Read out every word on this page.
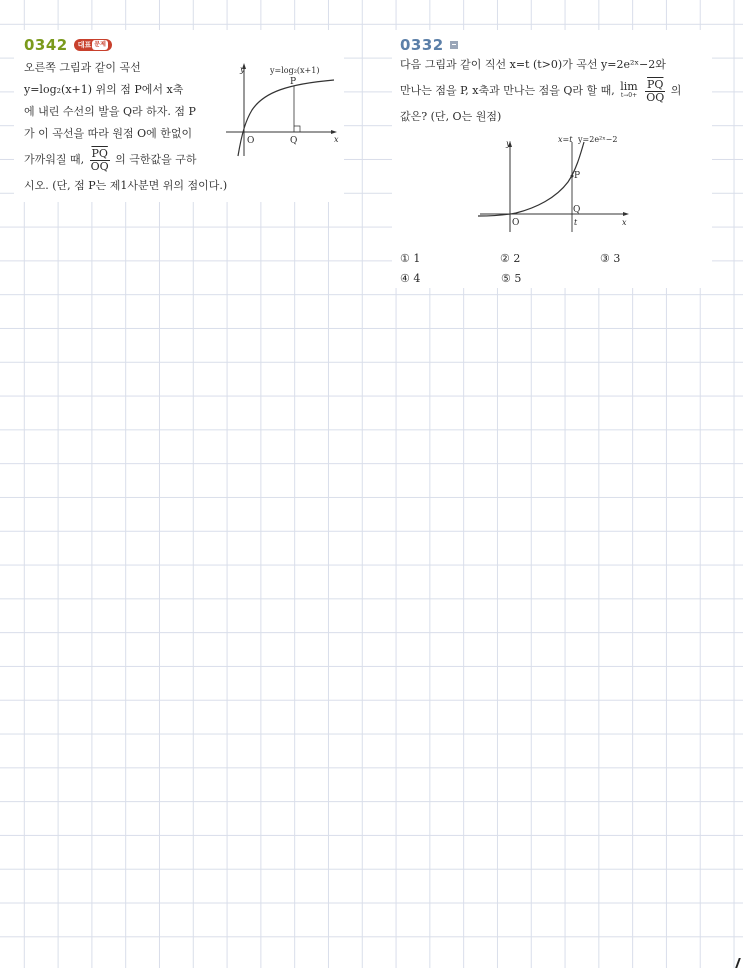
0342 대표 문제
오른쪽 그림과 같이 곡선
y=log₂(x+1) 위의 점 P에서 x축
에 내린 수선의 발을 Q라 하자. 점 P
가 이 곡선을 따라 원점 O에 한없이
가까워질 때, $\frac{\overline{PQ}}{OQ}$ 의 극한값을 구하
시오. (단, 점 P는 제1사분면 위의 점이다.)
y
x
O	Q
P
y=log₂(x+1)
0332
다음 그림과 같이 직선 x=t (t>0)가 곡선 y=2e²ˣ−2와
만나는 점을 P, x축과 만나는 점을 Q라 할 때, lim
t→0+
$\frac{\overline{PQ}}{OQ}$ 의
값은? (단, O는 원점)
y
x
O
P
Q
t
x=t y=2e²ˣ−2
① 1	② 2	③ 3
④ 4	⑤ 5
